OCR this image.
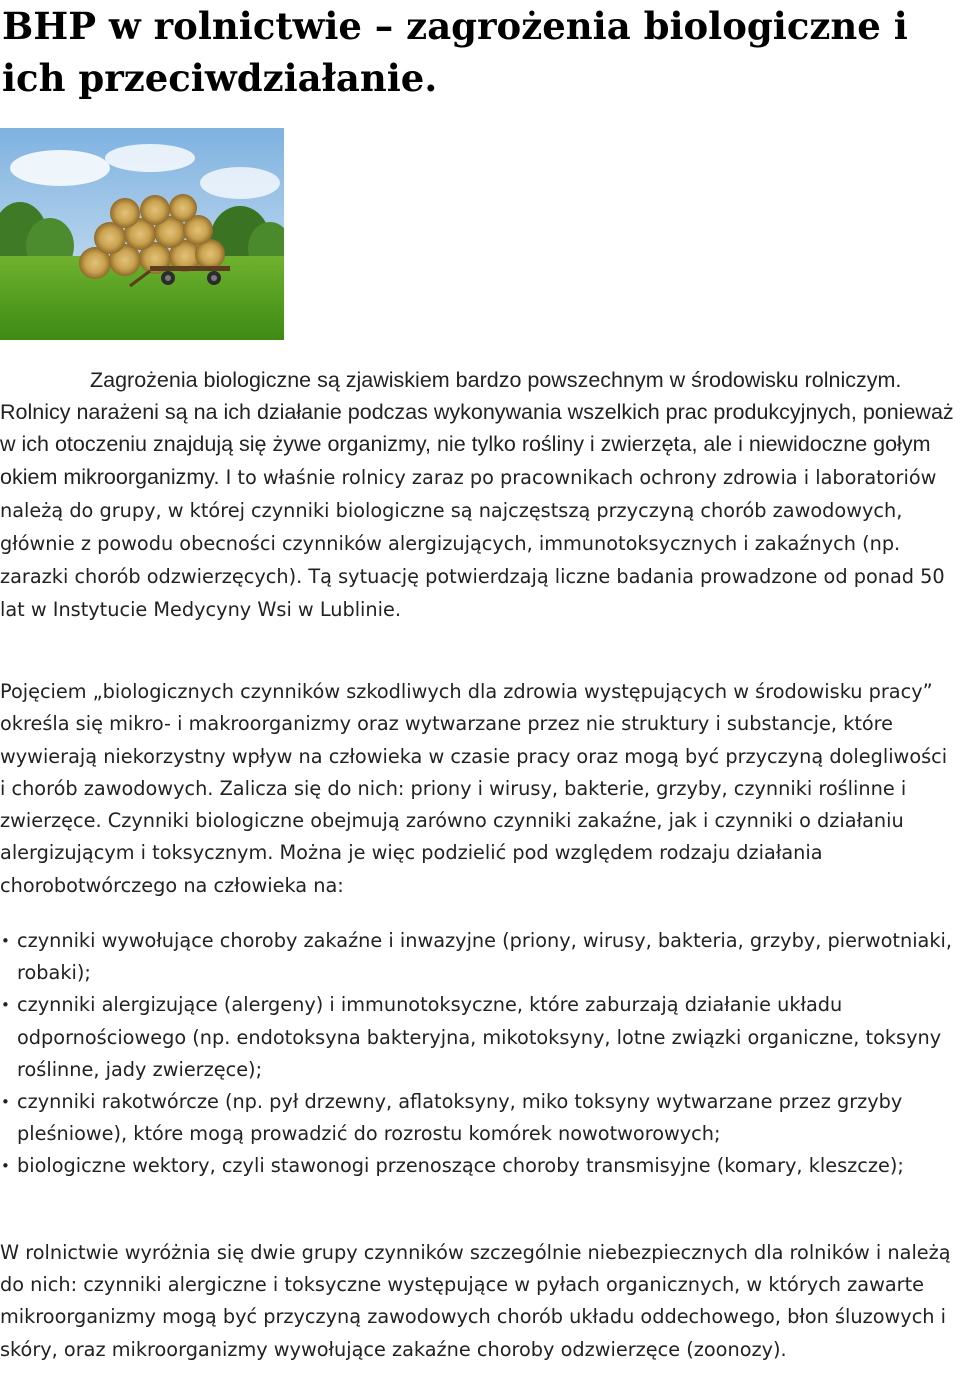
BHP w rolnictwie – zagrożenia biologiczne i ich przeciwdziałanie.

Zagrożenia biologiczne są zjawiskiem bardzo powszechnym w środowisku rolniczym. Rolnicy narażeni są na ich działanie podczas wykonywania wszelkich prac produkcyjnych, ponieważ w ich otoczeniu znajdują się żywe organizmy, nie tylko rośliny i zwierzęta, ale i niewidoczne gołym okiem mikroorganizmy. I to właśnie rolnicy zaraz po pracownikach ochrony zdrowia i laboratoriów należą do grupy, w której czynniki biologiczne są najczęstszą przyczyną chorób zawodowych, głównie z powodu obecności czynników alergizujących, immunotoksycznych i zakaźnych (np. zarazki chorób odzwierzęcych). Tą sytuację potwierdzają liczne badania prowadzone od ponad 50 lat w Instytucie Medycyny Wsi w Lublinie.

Pojęciem „biologicznych czynników szkodliwych dla zdrowia występujących w środowisku pracy” określa się mikro- i makroorganizmy oraz wytwarzane przez nie struktury i substancje, które wywierają niekorzystny wpływ na człowieka w czasie pracy oraz mogą być przyczyną dolegliwości i chorób zawodowych. Zalicza się do nich: priony i wirusy, bakterie, grzyby, czynniki roślinne i zwierzęce. Czynniki biologiczne obejmują zarówno czynniki zakaźne, jak i czynniki o działaniu alergizującym i toksycznym. Można je więc podzielić pod względem rodzaju działania chorobotwórczego na człowieka na:

• czynniki wywołujące choroby zakaźne i inwazyjne (priony, wirusy, bakteria, grzyby, pierwotniaki, robaki);
• czynniki alergizujące (alergeny) i immunotoksyczne, które zaburzają działanie układu odpornościowego (np. endotoksyna bakteryjna, mikotoksyny, lotne związki organiczne, toksyny roślinne, jady zwierzęce);
• czynniki rakotwórcze (np. pył drzewny, aflatoksyny, miko toksyny wytwarzane przez grzyby pleśniowe), które mogą prowadzić do rozrostu komórek nowotworowych;
• biologiczne wektory, czyli stawonogi przenoszące choroby transmisyjne (komary, kleszcze);

W rolnictwie wyróżnia się dwie grupy czynników szczególnie niebezpiecznych dla rolników i należą do nich: czynniki alergiczne i toksyczne występujące w pyłach organicznych, w których zawarte mikroorganizmy mogą być przyczyną zawodowych chorób układu oddechowego, błon śluzowych i skóry, oraz mikroorganizmy wywołujące zakaźne choroby odzwierzęce (zoonozy).
